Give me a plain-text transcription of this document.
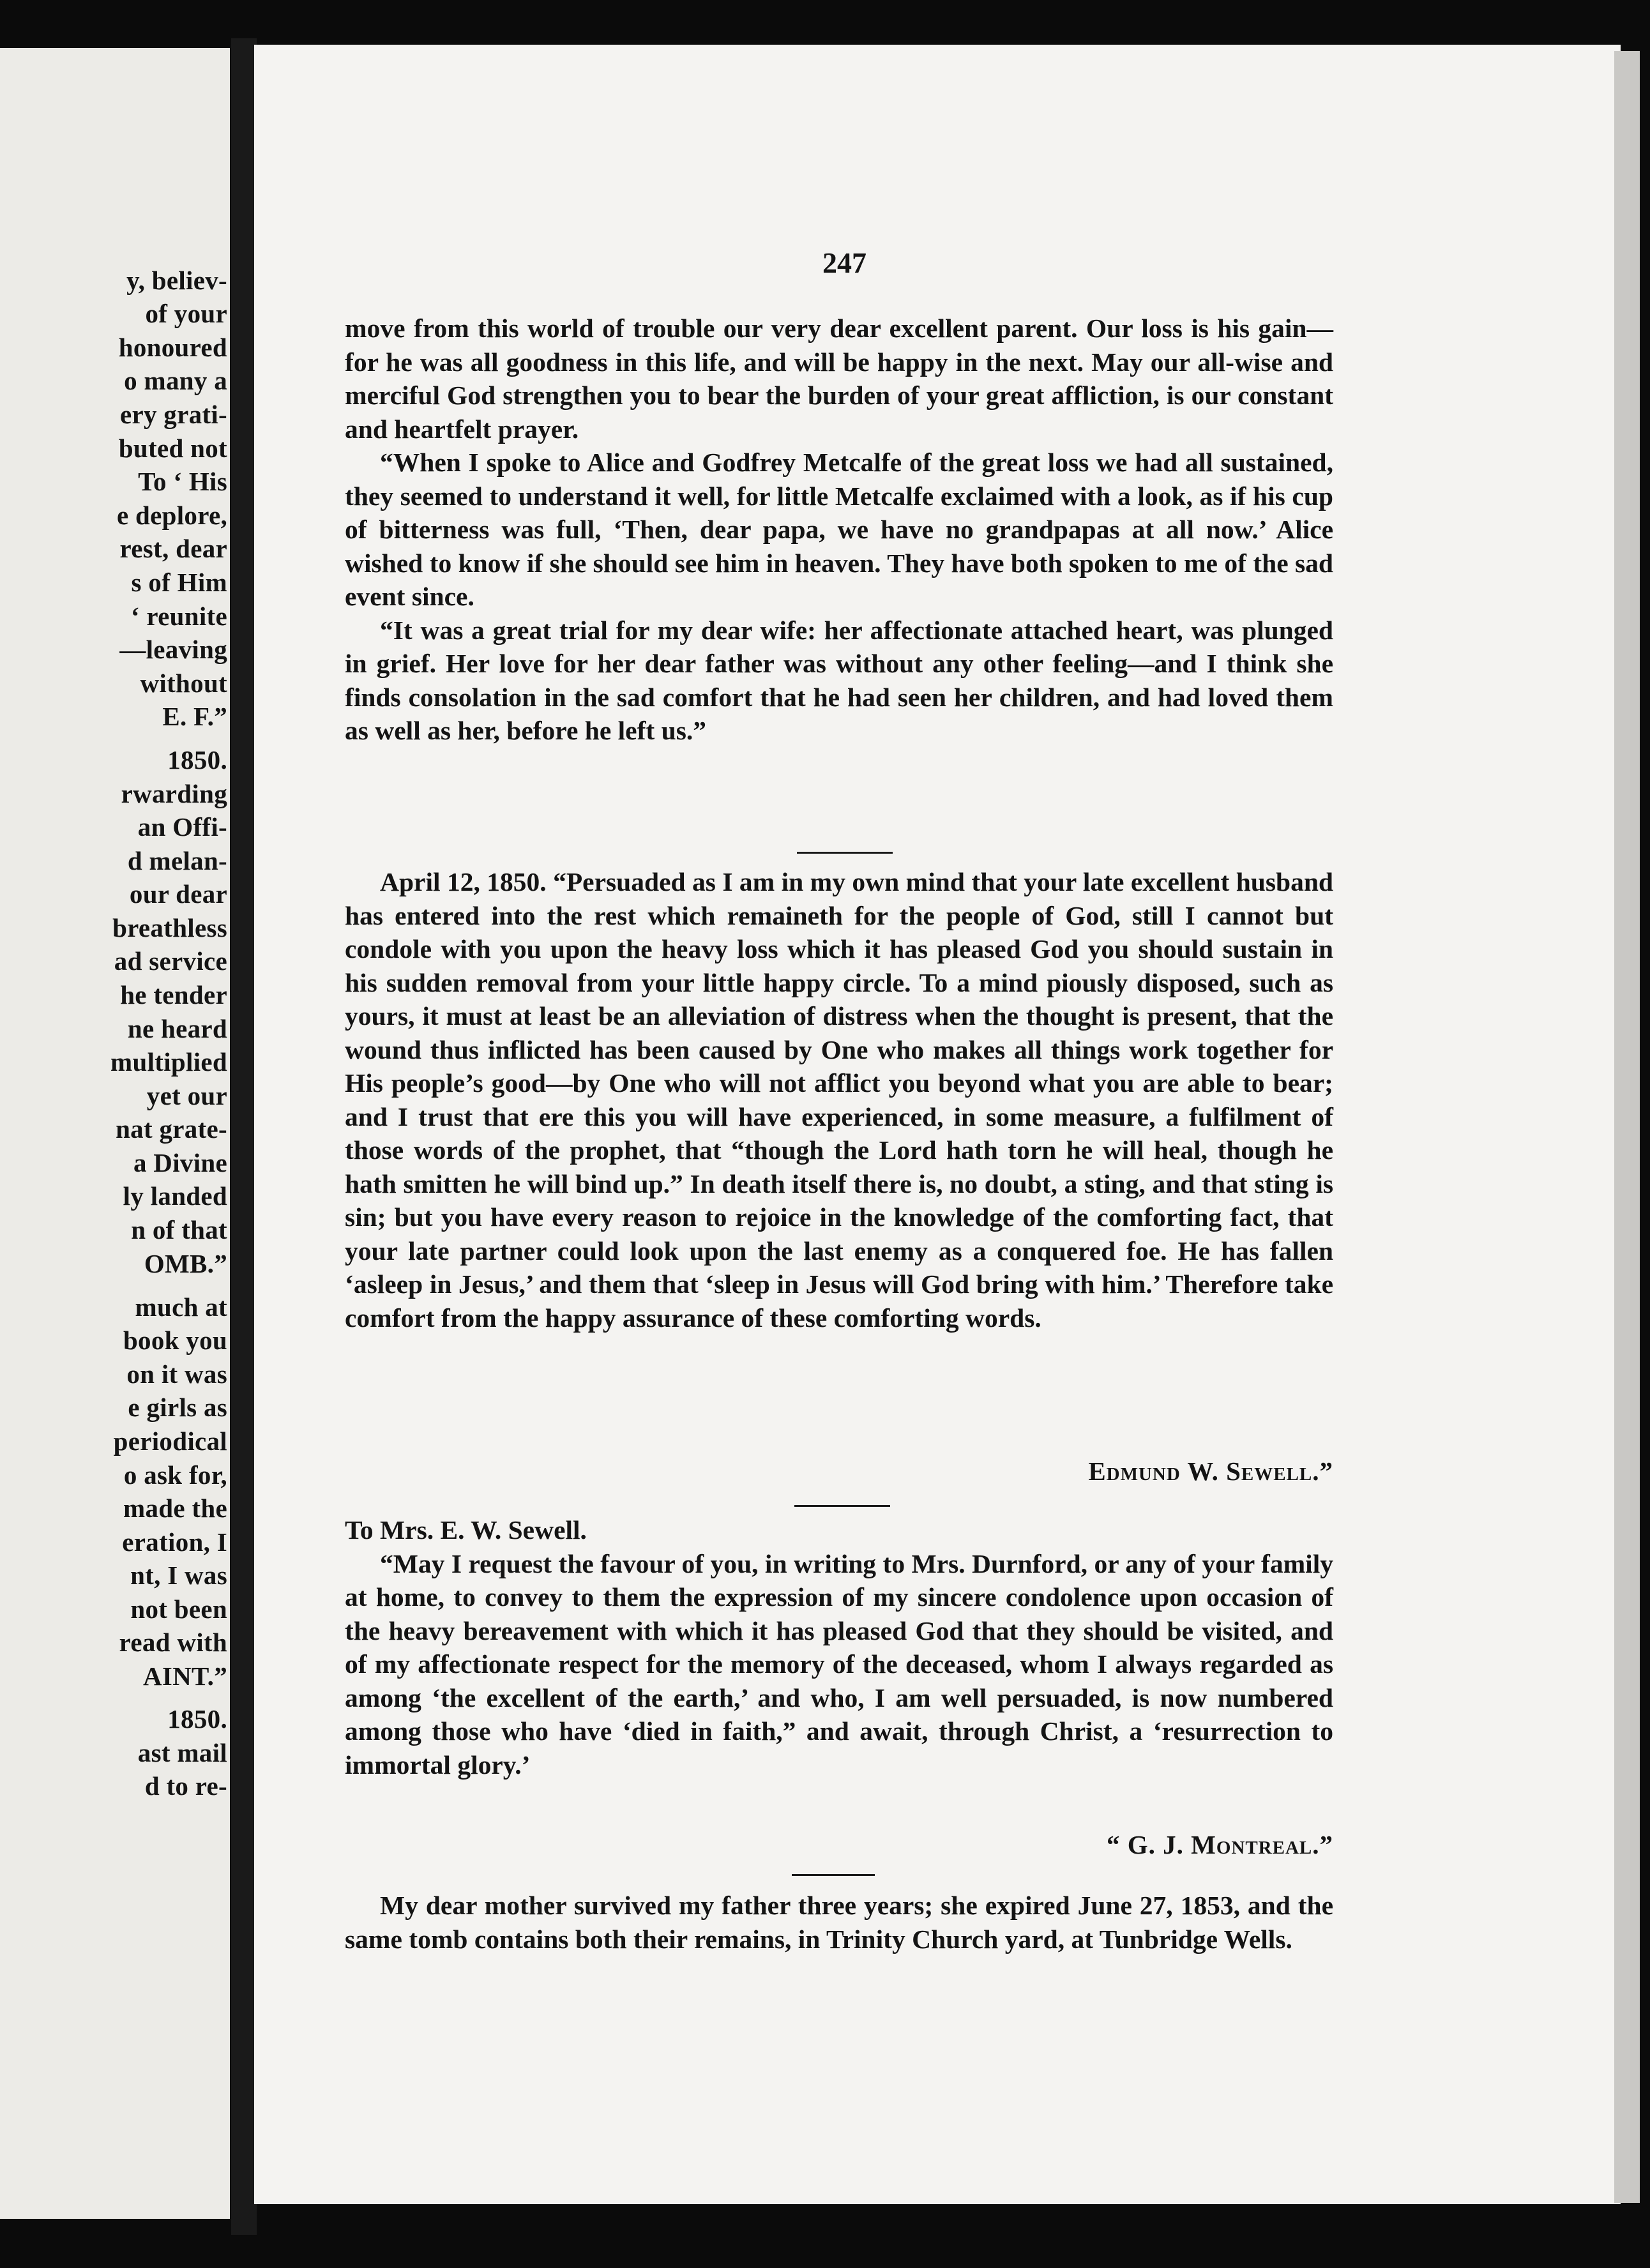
y, believ-
of your
honoured
o many a
ery grati-
buted not
To ‘ His
e deplore,
rest, dear
s of Him
‘ reunite
—leaving
without
E. F.”
1850.
rwarding
an Offi-
d melan-
our dear
breathless
ad service
he tender
ne heard
multiplied
yet our
nat grate-
a Divine
ly landed
n of that
OMB.”
much at
book you
on it was
e girls as
periodical
o ask for,
made the
eration, I
nt, I was
not been
read with
AINT.”
1850.
ast mail
d to re-
247

move from this world of trouble our very dear excellent parent. Our loss is his gain—for he was all goodness in this life, and will be happy in the next. May our all-wise and merciful God strengthen you to bear the burden of your great affliction, is our constant and heartfelt prayer.

“When I spoke to Alice and Godfrey Metcalfe of the great loss we had all sustained, they seemed to understand it well, for little Metcalfe exclaimed with a look, as if his cup of bitterness was full, ‘Then, dear papa, we have no grandpapas at all now.’ Alice wished to know if she should see him in heaven. They have both spoken to me of the sad event since.

“It was a great trial for my dear wife: her affectionate attached heart, was plunged in grief. Her love for her dear father was without any other feeling—and I think she finds consolation in the sad comfort that he had seen her children, and had loved them as well as her, before he left us.”

April 12, 1850. “Persuaded as I am in my own mind that your late excellent husband has entered into the rest which remaineth for the people of God, still I cannot but condole with you upon the heavy loss which it has pleased God you should sustain in his sudden removal from your little happy circle. To a mind piously disposed, such as yours, it must at least be an alleviation of distress when the thought is present, that the wound thus inflicted has been caused by One who makes all things work together for His people’s good—by One who will not afflict you beyond what you are able to bear; and I trust that ere this you will have experienced, in some measure, a fulfilment of those words of the prophet, that “though the Lord hath torn he will heal, though he hath smitten he will bind up.” In death itself there is, no doubt, a sting, and that sting is sin; but you have every reason to rejoice in the knowledge of the comforting fact, that your late partner could look upon the last enemy as a conquered foe. He has fallen ‘asleep in Jesus,’ and them that ‘sleep in Jesus will God bring with him.’ Therefore take comfort from the happy assurance of these comforting words.

Edmund W. Sewell.”

To Mrs. E. W. Sewell.

“May I request the favour of you, in writing to Mrs. Durnford, or any of your family at home, to convey to them the expression of my sincere condolence upon occasion of the heavy bereavement with which it has pleased God that they should be visited, and of my affectionate respect for the memory of the deceased, whom I always regarded as among ‘the excellent of the earth,’ and who, I am well persuaded, is now numbered among those who have ‘died in faith,” and await, through Christ, a ‘resurrection to immortal glory.’

“ G. J. Montreal.”

My dear mother survived my father three years; she expired June 27, 1853, and the same tomb contains both their remains, in Trinity Church yard, at Tunbridge Wells.
